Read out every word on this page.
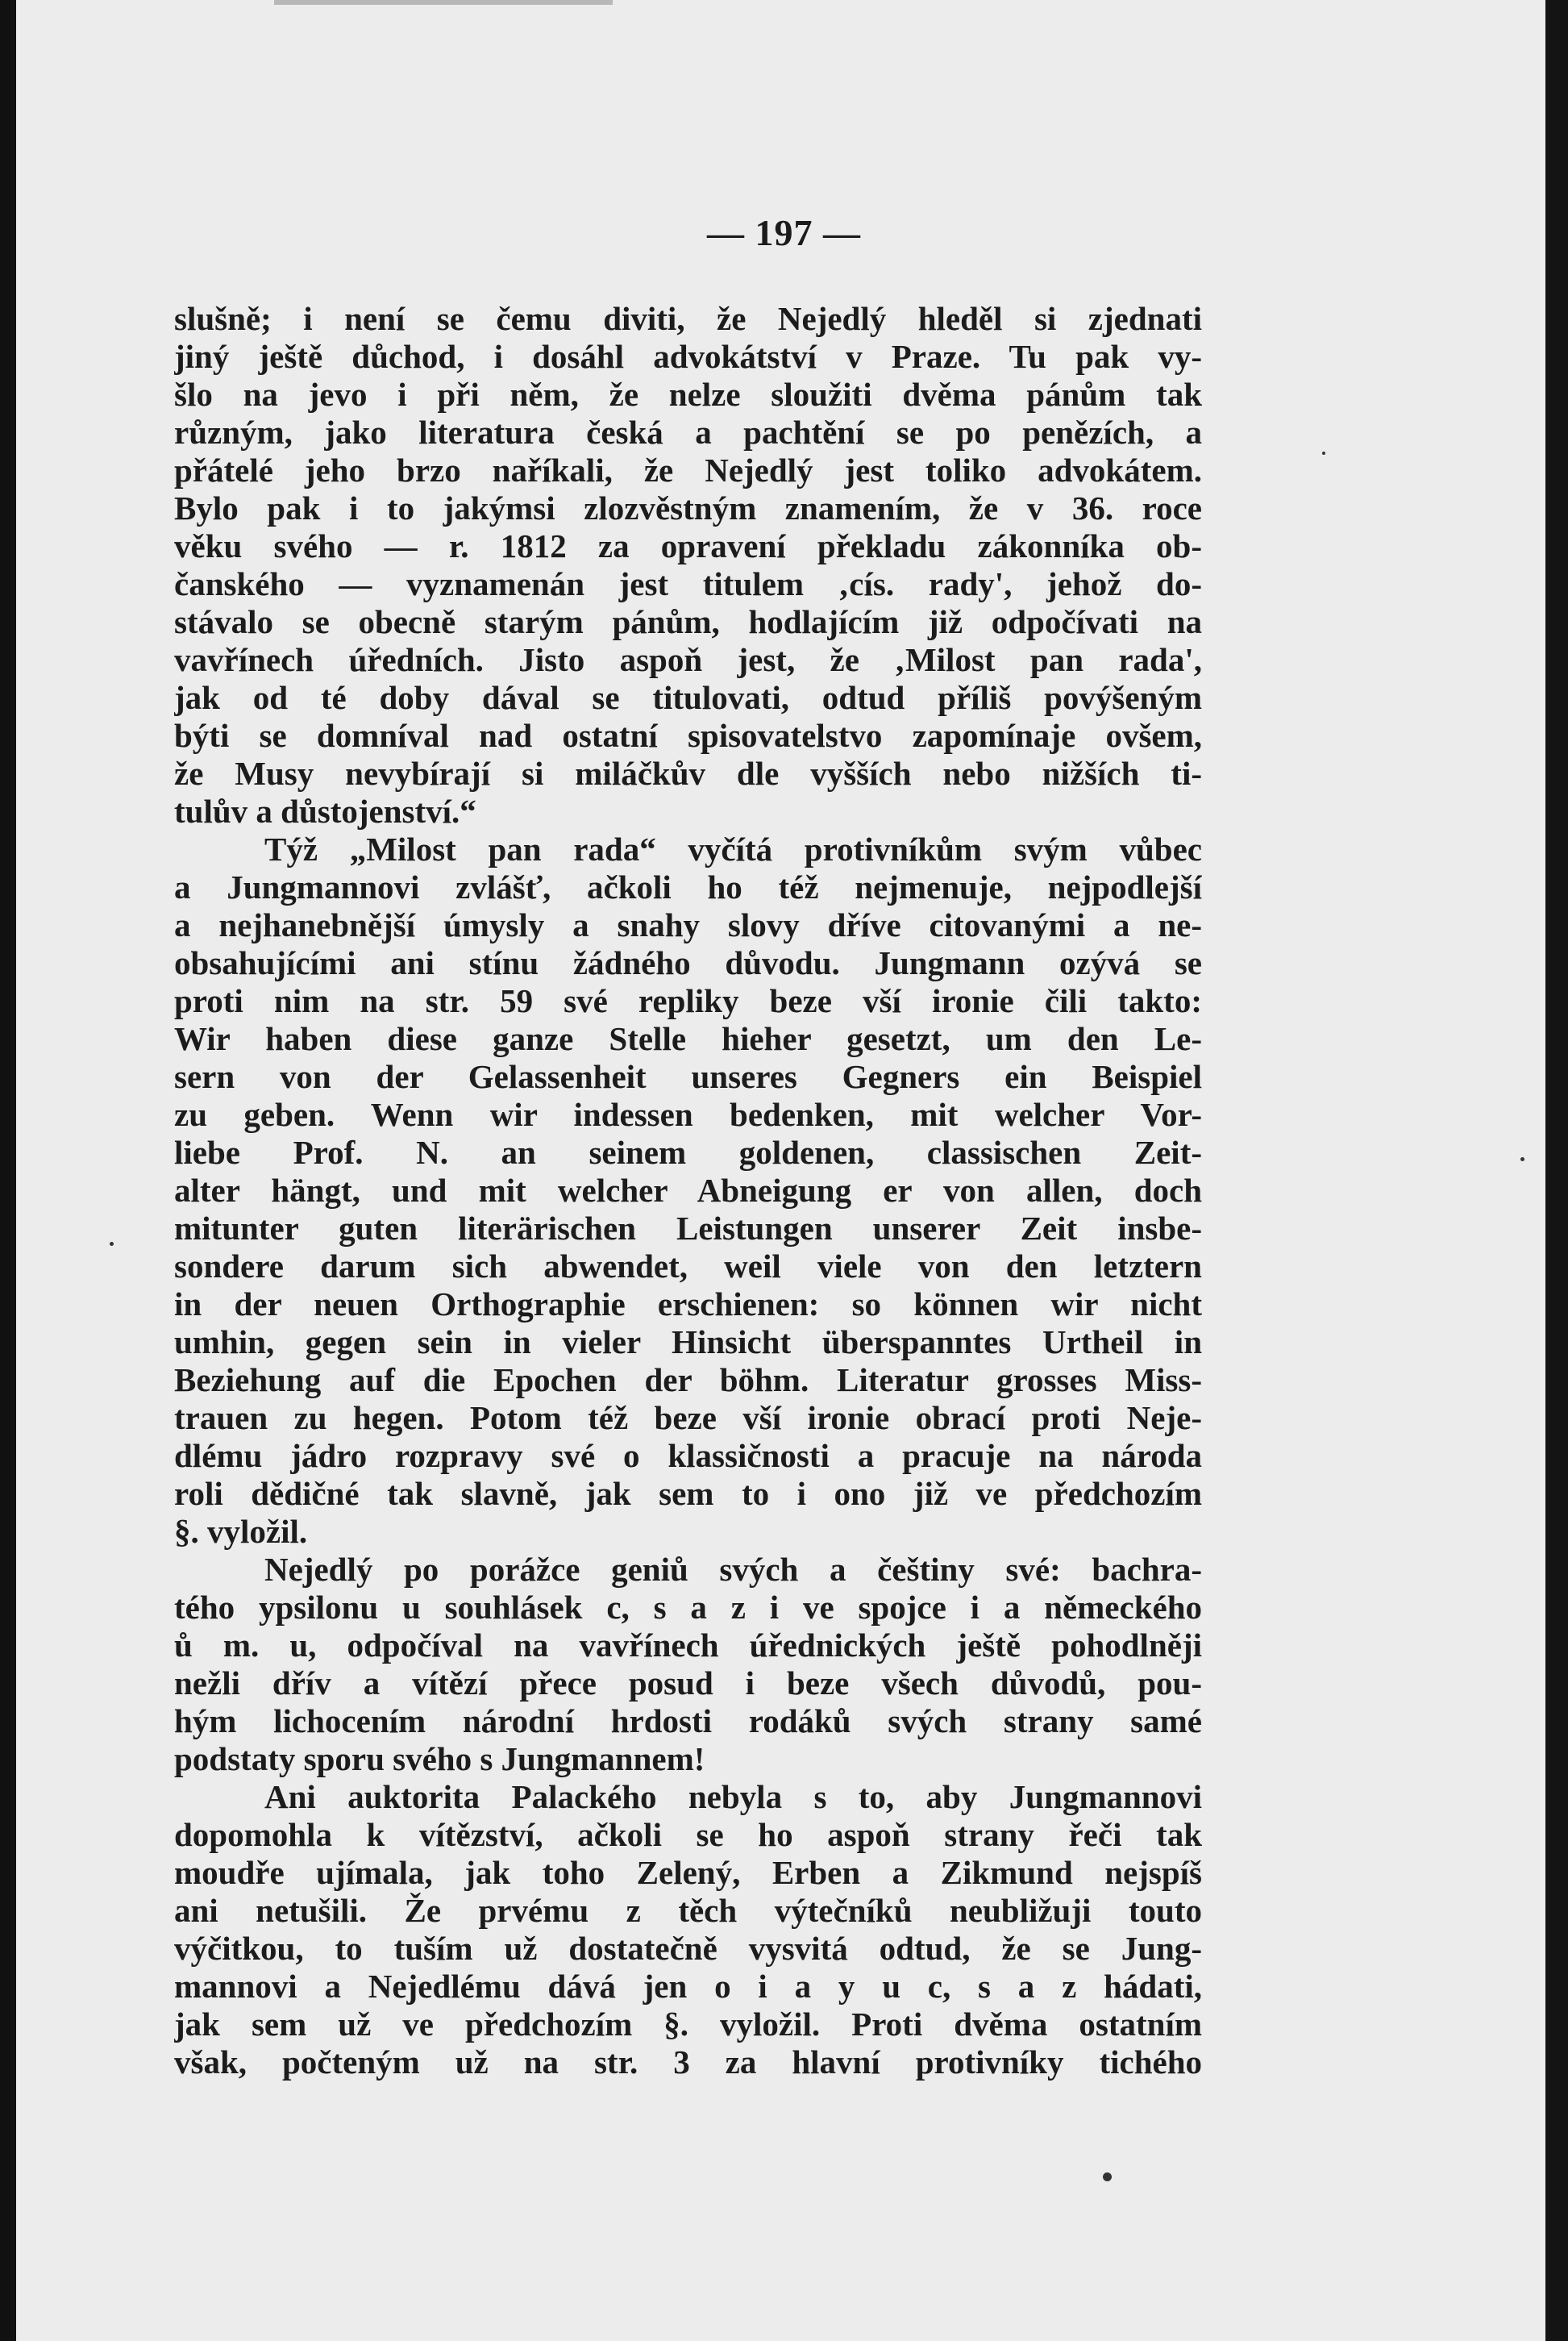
— 197 —
slušně; i není se čemu diviti, že Nejedlý hleděl si zjednati
jiný ještě důchod, i dosáhl advokátství v Praze. Tu pak vy-
šlo na jevo i při něm, že nelze sloužiti dvěma pánům tak
různým, jako literatura česká a pachtění se po penězích, a
přátelé jeho brzo naříkali, že Nejedlý jest toliko advokátem.
Bylo pak i to jakýmsi zlozvěstným znamením, že v 36. roce
věku svého — r. 1812 za opravení překladu zákonníka ob-
čanského — vyznamenán jest titulem ‚cís. rady', jehož do-
stávalo se obecně starým pánům, hodlajícím již odpočívati na
vavřínech úředních. Jisto aspoň jest, že ‚Milost pan rada',
jak od té doby dával se titulovati, odtud příliš povýšeným
býti se domníval nad ostatní spisovatelstvo zapomínaje ovšem,
že Musy nevybírají si miláčkův dle vyšších nebo nižších ti-
tulův a důstojenství.“
Týž „Milost pan rada“ vyčítá protivníkům svým vůbec
a Jungmannovi zvlášť, ačkoli ho též nejmenuje, nejpodlejší
a nejhanebnější úmysly a snahy slovy dříve citovanými a ne-
obsahujícími ani stínu žádného důvodu. Jungmann ozývá se
proti nim na str. 59 své repliky beze vší ironie čili takto:
Wir haben diese ganze Stelle hieher gesetzt, um den Le-
sern von der Gelassenheit unseres Gegners ein Beispiel
zu geben. Wenn wir indessen bedenken, mit welcher Vor-
liebe Prof. N. an seinem goldenen, classischen Zeit-
alter hängt, und mit welcher Abneigung er von allen, doch
mitunter guten literärischen Leistungen unserer Zeit insbe-
sondere darum sich abwendet, weil viele von den letztern
in der neuen Orthographie erschienen: so können wir nicht
umhin, gegen sein in vieler Hinsicht überspanntes Urtheil in
Beziehung auf die Epochen der böhm. Literatur grosses Miss-
trauen zu hegen. Potom též beze vší ironie obrací proti Neje-
dlému jádro rozpravy své o klassičnosti a pracuje na národa
roli dědičné tak slavně, jak sem to i ono již ve předchozím
§. vyložil.
Nejedlý po porážce geniů svých a češtiny své: bachra-
tého ypsilonu u souhlásek c, s a z i ve spojce i a německého
ů m. u, odpočíval na vavřínech úřednických ještě pohodlněji
nežli dřív a vítězí přece posud i beze všech důvodů, pou-
hým lichocením národní hrdosti rodáků svých strany samé
podstaty sporu svého s Jungmannem!
Ani auktorita Palackého nebyla s to, aby Jungmannovi
dopomohla k vítězství, ačkoli se ho aspoň strany řeči tak
moudře ujímala, jak toho Zelený, Erben a Zikmund nejspíš
ani netušili. Že prvému z těch výtečníků neubližuji touto
výčitkou, to tuším už dostatečně vysvitá odtud, že se Jung-
mannovi a Nejedlému dává jen o i a y u c, s a z hádati,
jak sem už ve předchozím §. vyložil. Proti dvěma ostatním
však, počteným už na str. 3 za hlavní protivníky tichého
